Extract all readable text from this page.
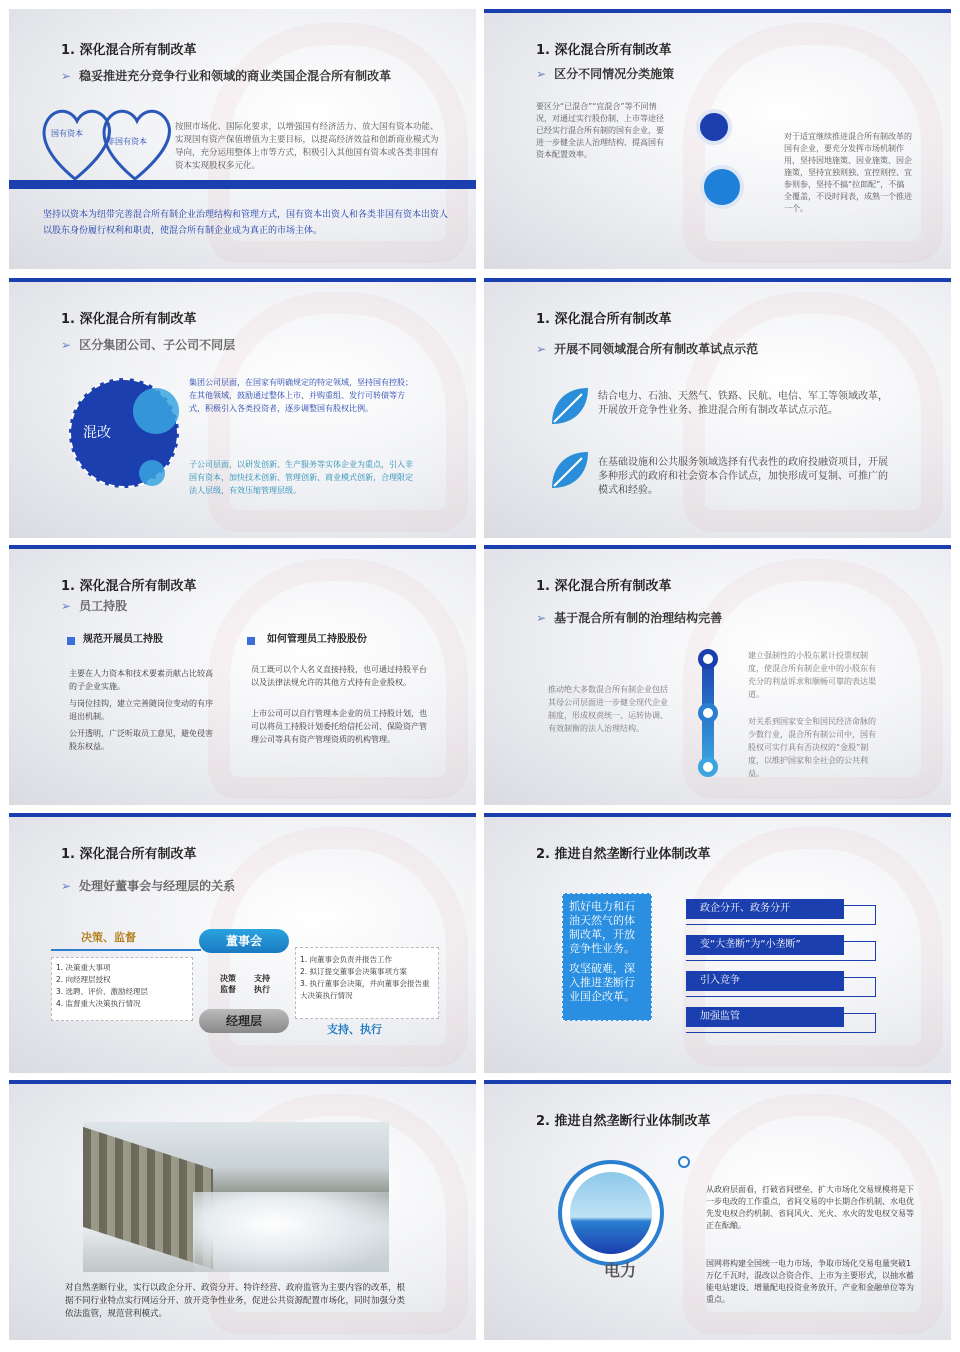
1. 深化混合所有制改革
➢ 稳妥推进充分竞争行业和领域的商业类国企混合所有制改革
国有资本
非国有资本
按照市场化、国际化要求，以增强国有经济活力、放大国有资本功能、实现国有资产保值增值为主要目标，以提高经济效益和创新商业模式为导向，充分运用整体上市等方式，积极引入其他国有资本或各类非国有资本实现股权多元化。
坚持以资本为纽带完善混合所有制企业治理结构和管理方式，国有资本出资人和各类非国有资本出资人以股东身份履行权利和职责，使混合所有制企业成为真正的市场主体。
1. 深化混合所有制改革
➢ 区分不同情况分类施策
要区分“已混合”“宜混合”等不同情况，对通过实行股份制、上市等途径已经实行混合所有制的国有企业，要进一步健全法人治理结构、提高国有资本配置效率。
对于适宜继续推进混合所有制改革的国有企业，要充分发挥市场机制作用，坚持因地施策、因业施策、因企施策，坚持宜独则独、宜控则控、宜参则参，坚持不搞“拉郎配”，不搞全覆盖，不设时间表，成熟一个推进一个。
1. 深化混合所有制改革
➢ 区分集团公司、子公司不同层
混改
集团公司层面，在国家有明确规定的特定领域，坚持国有控股；在其他领域，鼓励通过整体上市、并购重组、发行可转债等方式，积极引入各类投资者，逐步调整国有股权比例。
子公司层面，以研发创新、生产服务等实体企业为重点，引入非国有资本，加快技术创新、管理创新、商业模式创新，合理限定法人层级，有效压缩管理层级。
1. 深化混合所有制改革
➢ 开展不同领域混合所有制改革试点示范
结合电力、石油、天然气、铁路、民航、电信、军工等领域改革，开展放开竞争性业务、推进混合所有制改革试点示范。
在基础设施和公共服务领域选择有代表性的政府投融资项目，开展多种形式的政府和社会资本合作试点，加快形成可复制、可推广的模式和经验。
1. 深化混合所有制改革
➢ 员工持股
规范开展员工持股	如何管理员工持股股份
主要在人力资本和技术要素贡献占比较高的子企业实施。
与岗位挂钩，建立完善随岗位变动的有序退出机制。
公开透明，广泛听取员工意见，避免侵害股东权益。
员工既可以个人名义直接持股，也可通过持股平台以及法律法规允许的其他方式持有企业股权。
上市公司可以自行管理本企业的员工持股计划，也可以将员工持股计划委托给信托公司、保险资产管理公司等具有资产管理资质的机构管理。
1. 深化混合所有制改革
➢ 基于混合所有制的治理结构完善
推动绝大多数混合所有制企业包括其母公司层面进一步健全现代企业制度，形成权责统一、运转协调、有效制衡的法人治理结构。
建立强制性的小股东累计投票权制度，使混合所有制企业中的小股东有充分的利益诉求和顺畅可靠的表达渠道。
对关系到国家安全和国民经济命脉的少数行业，混合所有制公司中，国有股权可实行具有否决权的“金股”制度，以维护国家和全社会的公共利益。
1. 深化混合所有制改革
➢ 处理好董事会与经理层的关系
决策、监督
1. 决策重大事项
2. 向经理层授权
3. 选聘、评价、激励经理层
4. 监督重大决策执行情况
董事会
决策
监督
支持
执行
经理层
1. 向董事会负责并报告工作
2. 拟订提交董事会决策事项方案
3. 执行董事会决策，并向董事会报告重大决策执行情况
支持、执行
2. 推进自然垄断行业体制改革
抓好电力和石油天然气的体制改革，开放竞争性业务。
攻坚破难，深入推进垄断行业国企改革。
政企分开、政务分开
变“大垄断”为“小垄断”
引入竞争
加强监管
对自然垄断行业，实行以政企分开、政资分开、特许经营、政府监管为主要内容的改革，根据不同行业特点实行网运分开、放开竞争性业务，促进公共资源配置市场化，同时加强分类依法监管，规范营利模式。
2. 推进自然垄断行业体制改革
电力
从政府层面看，打破省间壁垒、扩大市场化交易规模将是下一步电改的工作重点，省间交易的中长期合作机制、水电优先发电权合约机制、省间风火、光火、水火的发电权交易等正在酝酿。
国网将构建全国统一电力市场，争取市场化交易电量突破1万亿千瓦时，混改以合资合作、上市为主要形式，以抽水蓄能电站建设、增量配电投资业务放开、产业和金融单位等为重点。
